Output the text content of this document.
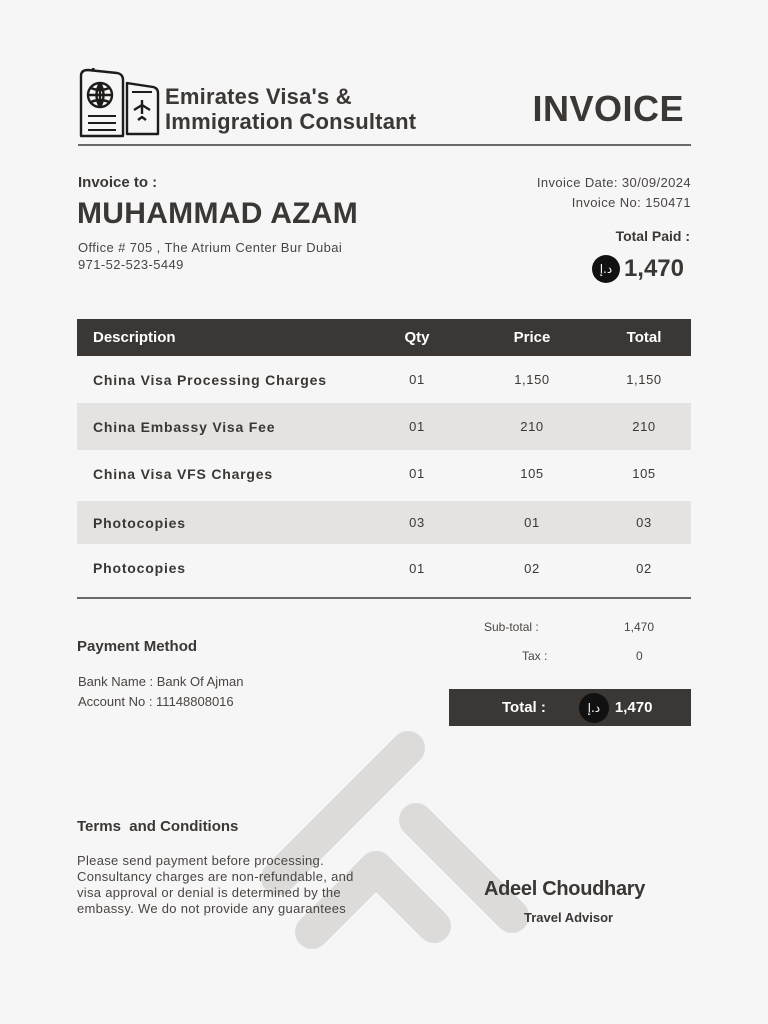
Emirates Visa's &
Immigration Consultant	INVOICE
Invoice to :
MUHAMMAD AZAM
Office # 705 , The Atrium Center Bur Dubai
971-52-523-5449
Invoice Date: 30/09/2024
Invoice No: 150471
Total Paid :
د.إ 1,470
Description	Qty	Price	Total
China Visa Processing Charges	01	1,150	1,150
China Embassy Visa Fee	01	210	210
China Visa VFS Charges	01	105	105
Photocopies	03	01	03
Photocopies	01	02	02
Sub-total :	1,470
Tax :	0
Total :	د.إ 1,470
Payment Method
Bank Name : Bank Of Ajman
Account No : 11148808016
Terms  and Conditions
Please send payment before processing. Consultancy charges are non-refundable, and visa approval or denial is determined by the embassy. We do not provide any guarantees
Adeel Choudhary
Travel Advisor
